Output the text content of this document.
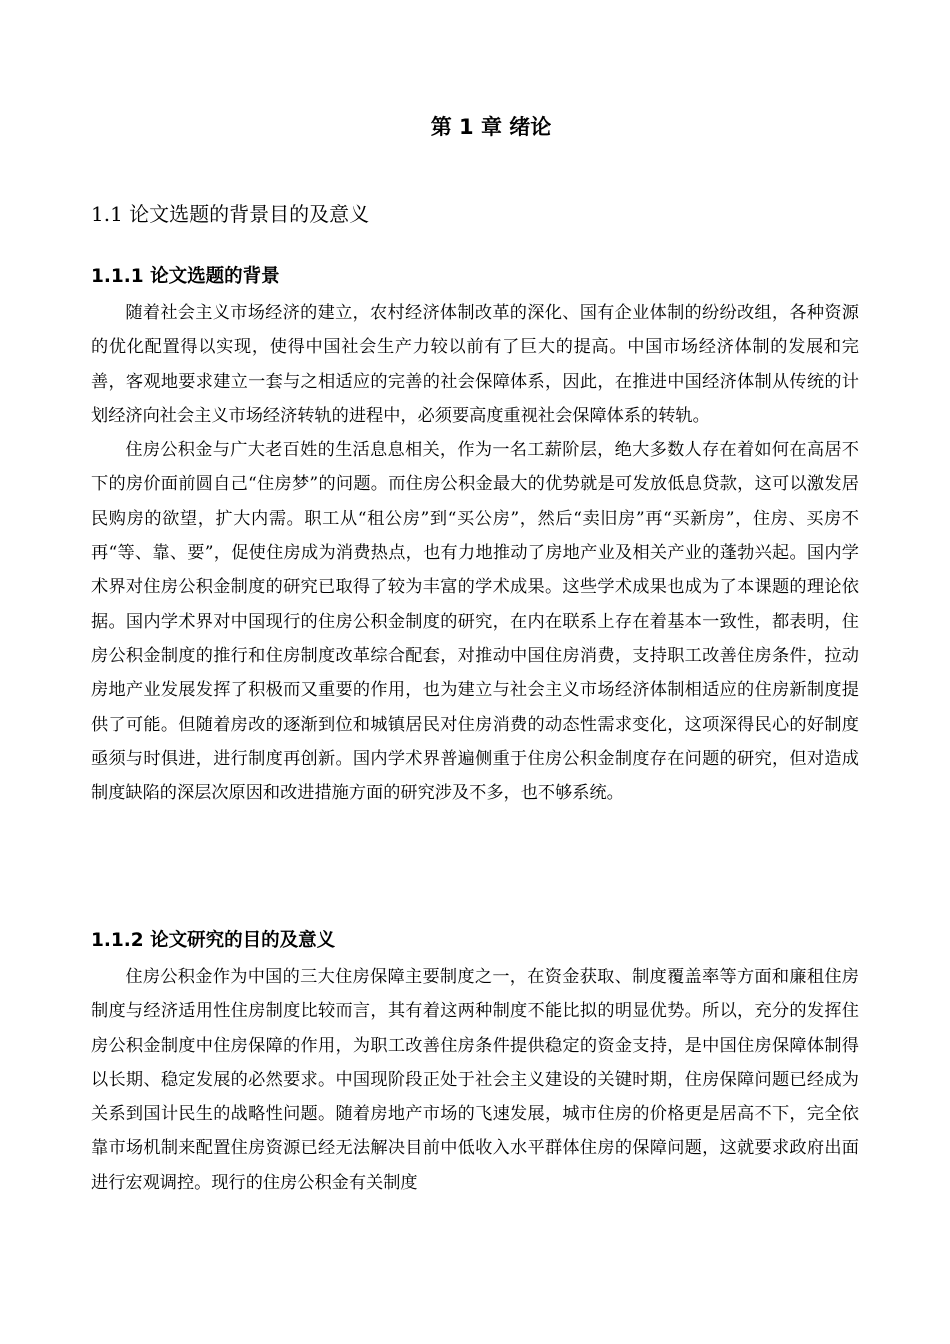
第 1 章 绪论
1.1 论文选题的背景目的及意义
1.1.1 论文选题的背景

随着社会主义市场经济的建立，农村经济体制改革的深化、国有企业体制的纷纷改组，各种资源的优化配置得以实现，使得中国社会生产力较以前有了巨大的提高。中国市场经济体制的发展和完善，客观地要求建立一套与之相适应的完善的社会保障体系，因此，在推进中国经济体制从传统的计划经济向社会主义市场经济转轨的进程中，必须要高度重视社会保障体系的转轨。

住房公积金与广大老百姓的生活息息相关，作为一名工薪阶层，绝大多数人存在着如何在高居不下的房价面前圆自己“住房梦”的问题。而住房公积金最大的优势就是可发放低息贷款，这可以激发居民购房的欲望，扩大内需。职工从“租公房”到“买公房”，然后“卖旧房”再“买新房”，住房、买房不再“等、靠、要”，促使住房成为消费热点，也有力地推动了房地产业及相关产业的蓬勃兴起。国内学术界对住房公积金制度的研究已取得了较为丰富的学术成果。这些学术成果也成为了本课题的理论依据。国内学术界对中国现行的住房公积金制度的研究，在内在联系上存在着基本一致性，都表明，住房公积金制度的推行和住房制度改革综合配套，对推动中国住房消费，支持职工改善住房条件，拉动房地产业发展发挥了积极而又重要的作用，也为建立与社会主义市场经济体制相适应的住房新制度提供了可能。但随着房改的逐渐到位和城镇居民对住房消费的动态性需求变化，这项深得民心的好制度亟须与时俱进，进行制度再创新。国内学术界普遍侧重于住房公积金制度存在问题的研究，但对造成制度缺陷的深层次原因和改进措施方面的研究涉及不多，也不够系统。

1.1.2 论文研究的目的及意义

住房公积金作为中国的三大住房保障主要制度之一，在资金获取、制度覆盖率等方面和廉租住房制度与经济适用性住房制度比较而言，其有着这两种制度不能比拟的明显优势。所以，充分的发挥住房公积金制度中住房保障的作用，为职工改善住房条件提供稳定的资金支持，是中国住房保障体制得以长期、稳定发展的必然要求。中国现阶段正处于社会主义建设的关键时期，住房保障问题已经成为关系到国计民生的战略性问题。随着房地产市场的飞速发展，城市住房的价格更是居高不下，完全依靠市场机制来配置住房资源已经无法解决目前中低收入水平群体住房的保障问题，这就要求政府出面进行宏观调控。现行的住房公积金有关制度
